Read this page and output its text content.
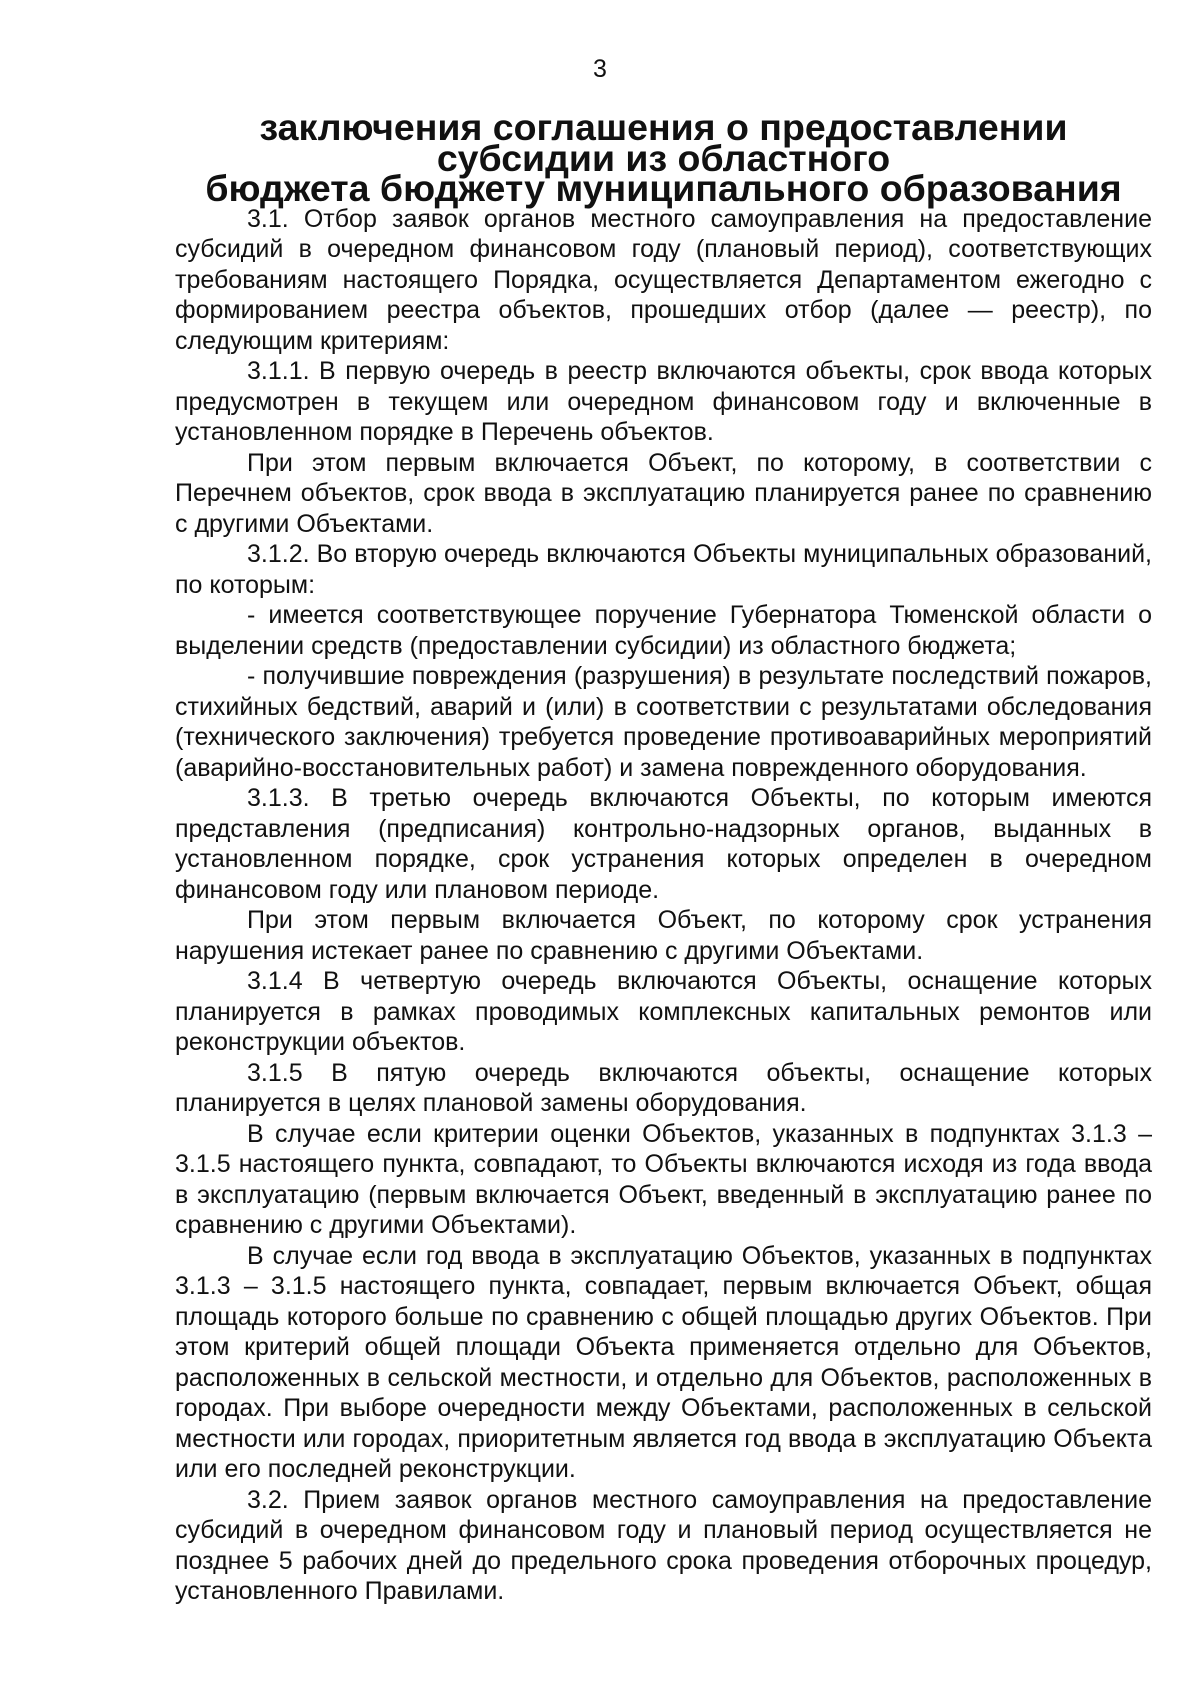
3
заключения соглашения о предоставлении субсидии из областного
бюджета бюджету муниципального образования

3.1. Отбор заявок органов местного самоуправления на предоставление субсидий в очередном финансовом году (плановый период), соответствующих требованиям настоящего Порядка, осуществляется Департаментом ежегодно с формированием реестра объектов, прошедших отбор (далее — реестр), по следующим критериям:

3.1.1. В первую очередь в реестр включаются объекты, срок ввода которых предусмотрен в текущем или очередном финансовом году и включенные в установленном порядке в Перечень объектов.

При этом первым включается Объект, по которому, в соответствии с Перечнем объектов, срок ввода в эксплуатацию планируется ранее по сравнению с другими Объектами.

3.1.2. Во вторую очередь включаются Объекты муниципальных образований, по которым:

- имеется соответствующее поручение Губернатора Тюменской области о выделении средств (предоставлении субсидии) из областного бюджета;

- получившие повреждения (разрушения) в результате последствий пожаров, стихийных бедствий, аварий и (или) в соответствии с результатами обследования (технического заключения) требуется проведение противоаварийных мероприятий (аварийно-восстановительных работ) и замена поврежденного оборудования.

3.1.3. В третью очередь включаются Объекты, по которым имеются представления (предписания) контрольно-надзорных органов, выданных в установленном порядке, срок устранения которых определен в очередном финансовом году или плановом периоде.

При этом первым включается Объект, по которому срок устранения нарушения истекает ранее по сравнению с другими Объектами.

3.1.4 В четвертую очередь включаются Объекты, оснащение которых планируется в рамках проводимых комплексных капитальных ремонтов или реконструкции объектов.

3.1.5 В пятую очередь включаются объекты, оснащение которых планируется в целях плановой замены оборудования.

В случае если критерии оценки Объектов, указанных в подпунктах 3.1.3 – 3.1.5 настоящего пункта, совпадают, то Объекты включаются исходя из года ввода в эксплуатацию (первым включается Объект, введенный в эксплуатацию ранее по сравнению с другими Объектами).

В случае если год ввода в эксплуатацию Объектов, указанных в подпунктах 3.1.3 – 3.1.5 настоящего пункта, совпадает, первым включается Объект, общая площадь которого больше по сравнению с общей площадью других Объектов. При этом критерий общей площади Объекта применяется отдельно для Объектов, расположенных в сельской местности, и отдельно для Объектов, расположенных в городах. При выборе очередности между Объектами, расположенных в сельской местности или городах, приоритетным является год ввода в эксплуатацию Объекта или его последней реконструкции.

3.2. Прием заявок органов местного самоуправления на предоставление субсидий в очередном финансовом году и плановый период осуществляется не позднее 5 рабочих дней до предельного срока проведения отборочных процедур, установленного Правилами.
